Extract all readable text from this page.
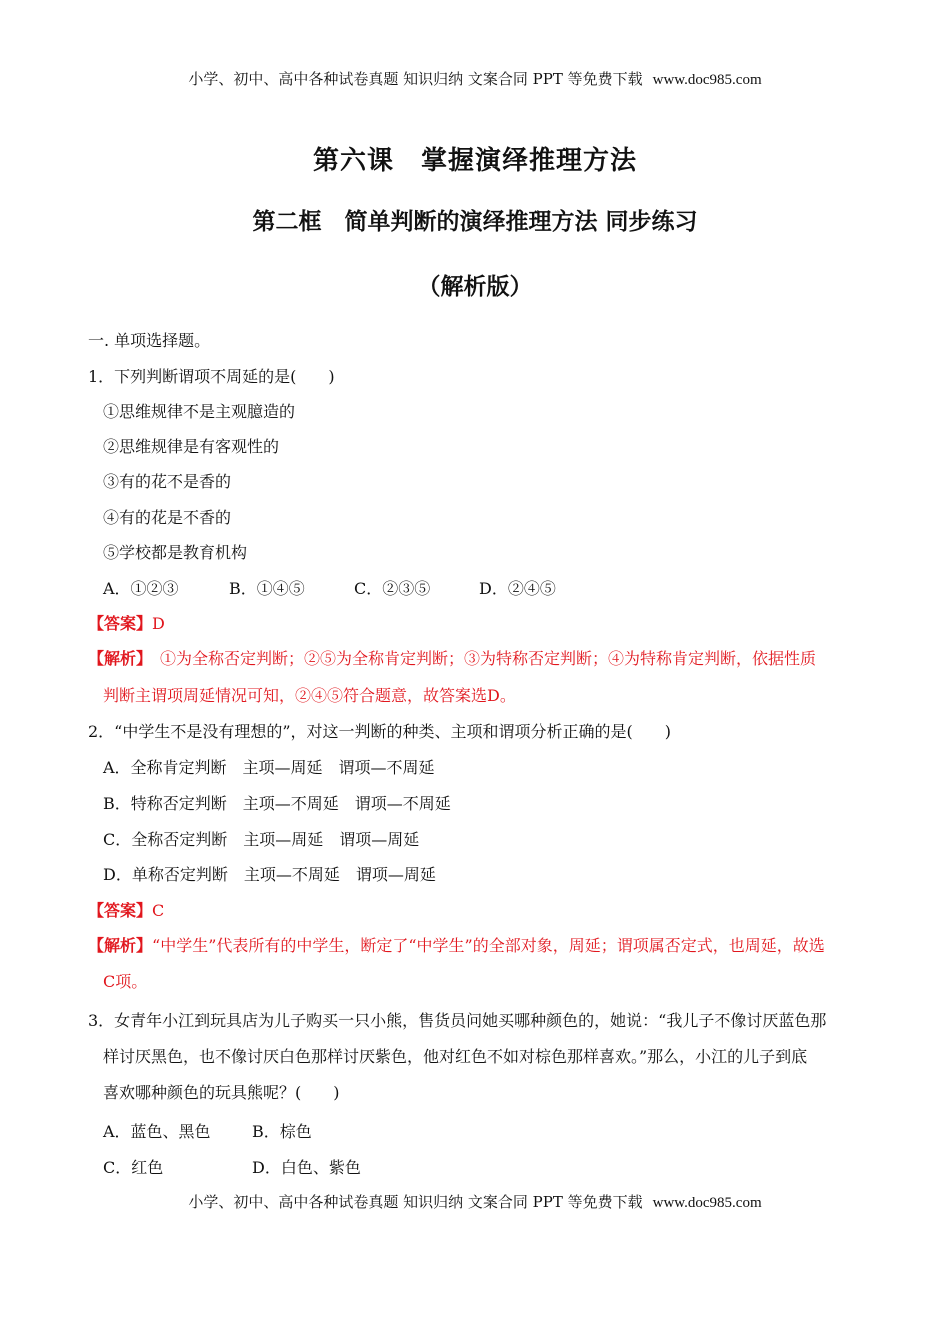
小学、初中、高中各种试卷真题 知识归纳 文案合同 PPT 等免费下载 www.doc985.com
第六课　掌握演绎推理方法
第二框　简单判断的演绎推理方法 同步练习
（解析版）
一. 单项选择题。
1．下列判断谓项不周延的是(　　)
①思维规律不是主观臆造的
②思维规律是有客观性的
③有的花不是香的
④有的花是不香的
⑤学校都是教育机构
A．①②③	B．①④⑤	C．②③⑤	D．②④⑤
【答案】D
【解析】　①为全称否定判断；②⑤为全称肯定判断；③为特称否定判断；④为特称肯定判断，依据性质
判断主谓项周延情况可知，②④⑤符合题意，故答案选D。
2．“中学生不是没有理想的”，对这一判断的种类、主项和谓项分析正确的是(　　)
A．全称肯定判断　主项—周延　谓项—不周延
B．特称否定判断　主项—不周延　谓项—不周延
C．全称否定判断　主项—周延　谓项—周延
D．单称否定判断　主项—不周延　谓项—周延
【答案】C
【解析】“中学生”代表所有的中学生，断定了“中学生”的全部对象，周延；谓项属否定式，也周延，故选
C项。
3．女青年小江到玩具店为儿子购买一只小熊，售货员问她买哪种颜色的，她说：“我儿子不像讨厌蓝色那
样讨厌黑色，也不像讨厌白色那样讨厌紫色，他对红色不如对棕色那样喜欢。”那么，小江的儿子到底
喜欢哪种颜色的玩具熊呢？(　　)
A．蓝色、黑色	B．棕色
C．红色	D．白色、紫色
小学、初中、高中各种试卷真题 知识归纳 文案合同 PPT 等免费下载 www.doc985.com
